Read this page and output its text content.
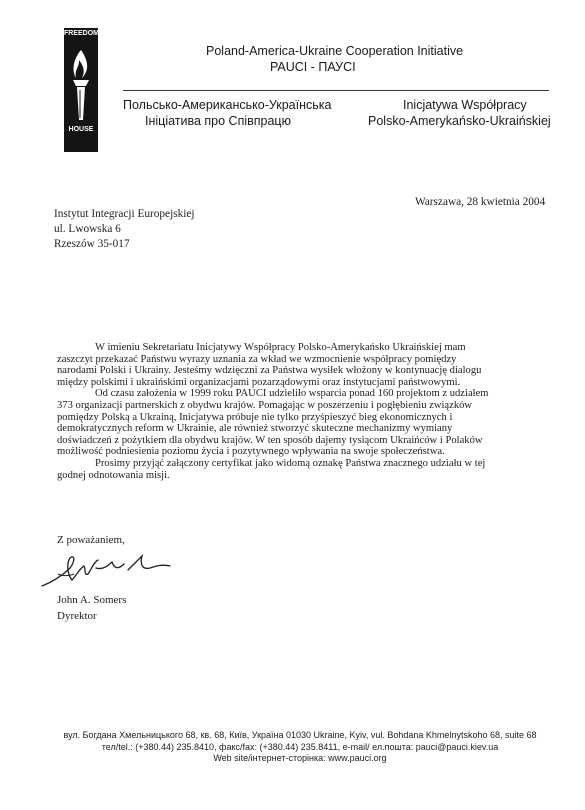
FREEDOM
HOUSE
Poland-America-Ukraine Cooperation Initiative
PAUCI - ПАУСІ
Польсько-Американсько-Українська
Ініціатива про Співпрацю
Inicjatywa Współpracy
Polsko-Amerykańsko-Ukraińskiej
Warszawa, 28 kwietnia 2004
Instytut Integracji Europejskiej
ul. Lwowska 6
Rzeszów 35-017
W imieniu Sekretariatu Inicjatywy Współpracy Polsko-Amerykańsko Ukraińskiej mam
zaszczyt przekazać Państwu wyrazy uznania za wkład we wzmocnienie współpracy pomiędzy
narodami Polski i Ukrainy. Jesteśmy wdzięczni za Państwa wysiłek włożony w kontynuację dialogu
między polskimi i ukraińskimi organizacjami pozarządowymi oraz instytucjami państwowymi.
Od czasu założenia w 1999 roku PAUCI udzieliło wsparcia ponad 160 projektom z udziałem
373 organizacji partnerskich z obydwu krajów. Pomagając w poszerzeniu i pogłębieniu związków
pomiędzy Polską a Ukrainą, Inicjatywa próbuje nie tylko przyśpieszyć bieg ekonomicznych i
demokratycznych reform w Ukrainie, ale również stworzyć skuteczne mechanizmy wymiany
doświadczeń z pożytkiem dla obydwu krajów. W ten sposób dajemy tysiącom Ukraińców i Polaków
możliwość podniesienia poziomu życia i pozytywnego wpływania na swoje społeczeństwa.
Prosimy przyjąć załączony certyfikat jako widomą oznakę Państwa znacznego udziału w tej
godnej odnotowania misji.
Z poważaniem,
John A. Somers
Dyrektor
вул. Богдана Хмельницького 68, кв. 68, Київ, Україна 01030 Ukraine, Kyiv, vul. Bohdana Khmelnytskoho 68, suite 68
тел/tel.: (+380.44) 235.8410, факс/fax: (+380.44) 235.8411, e-mail/ ел.пошта: pauci@pauci.kiev.ua
Web site/інтернет-сторінка: www.pauci.org
